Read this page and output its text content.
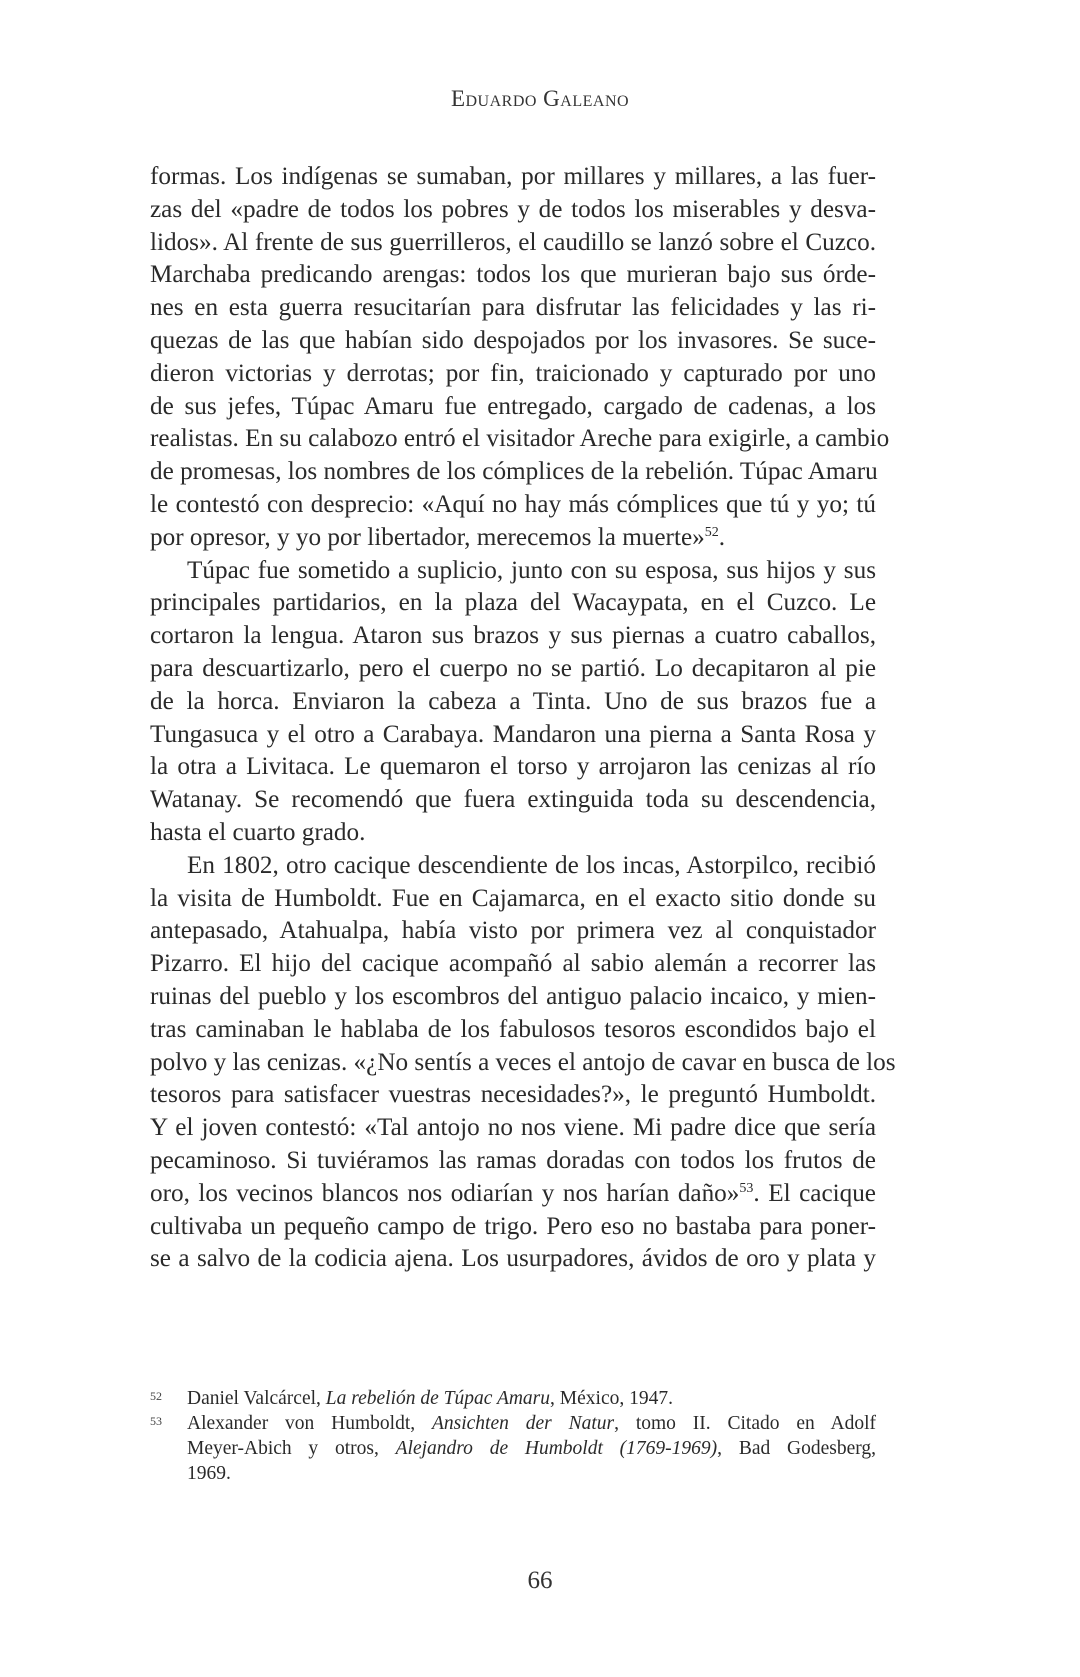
Eduardo Galeano
formas. Los indígenas se sumaban, por millares y millares, a las fuer-
zas del «padre de todos los pobres y de todos los miserables y desva-
lidos». Al frente de sus guerrilleros, el caudillo se lanzó sobre el Cuzco.
Marchaba predicando arengas: todos los que murieran bajo sus órde-
nes en esta guerra resucitarían para disfrutar las felicidades y las ri-
quezas de las que habían sido despojados por los invasores. Se suce-
dieron victorias y derrotas; por fin, traicionado y capturado por uno
de sus jefes, Túpac Amaru fue entregado, cargado de cadenas, a los
realistas. En su calabozo entró el visitador Areche para exigirle, a cambio
de promesas, los nombres de los cómplices de la rebelión. Túpac Amaru
le contestó con desprecio: «Aquí no hay más cómplices que tú y yo; tú
por opresor, y yo por libertador, merecemos la muerte»$^{52}$.
Túpac fue sometido a suplicio, junto con su esposa, sus hijos y sus
principales partidarios, en la plaza del Wacaypata, en el Cuzco. Le
cortaron la lengua. Ataron sus brazos y sus piernas a cuatro caballos,
para descuartizarlo, pero el cuerpo no se partió. Lo decapitaron al pie
de la horca. Enviaron la cabeza a Tinta. Uno de sus brazos fue a
Tungasuca y el otro a Carabaya. Mandaron una pierna a Santa Rosa y
la otra a Livitaca. Le quemaron el torso y arrojaron las cenizas al río
Watanay. Se recomendó que fuera extinguida toda su descendencia,
hasta el cuarto grado.
En 1802, otro cacique descendiente de los incas, Astorpilco, recibió
la visita de Humboldt. Fue en Cajamarca, en el exacto sitio donde su
antepasado, Atahualpa, había visto por primera vez al conquistador
Pizarro. El hijo del cacique acompañó al sabio alemán a recorrer las
ruinas del pueblo y los escombros del antiguo palacio incaico, y mien-
tras caminaban le hablaba de los fabulosos tesoros escondidos bajo el
polvo y las cenizas. «¿No sentís a veces el antojo de cavar en busca de los
tesoros para satisfacer vuestras necesidades?», le preguntó Humboldt.
Y el joven contestó: «Tal antojo no nos viene. Mi padre dice que sería
pecaminoso. Si tuviéramos las ramas doradas con todos los frutos de
oro, los vecinos blancos nos odiarían y nos harían daño»$^{53}$. El cacique
cultivaba un pequeño campo de trigo. Pero eso no bastaba para poner-
se a salvo de la codicia ajena. Los usurpadores, ávidos de oro y plata y
52	Daniel Valcárcel, La rebelión de Túpac Amaru, México, 1947.
53	Alexander von Humboldt, Ansichten der Natur, tomo II. Citado en Adolf
Meyer-Abich y otros, Alejandro de Humboldt (1769-1969), Bad Godesberg,
1969.
66
